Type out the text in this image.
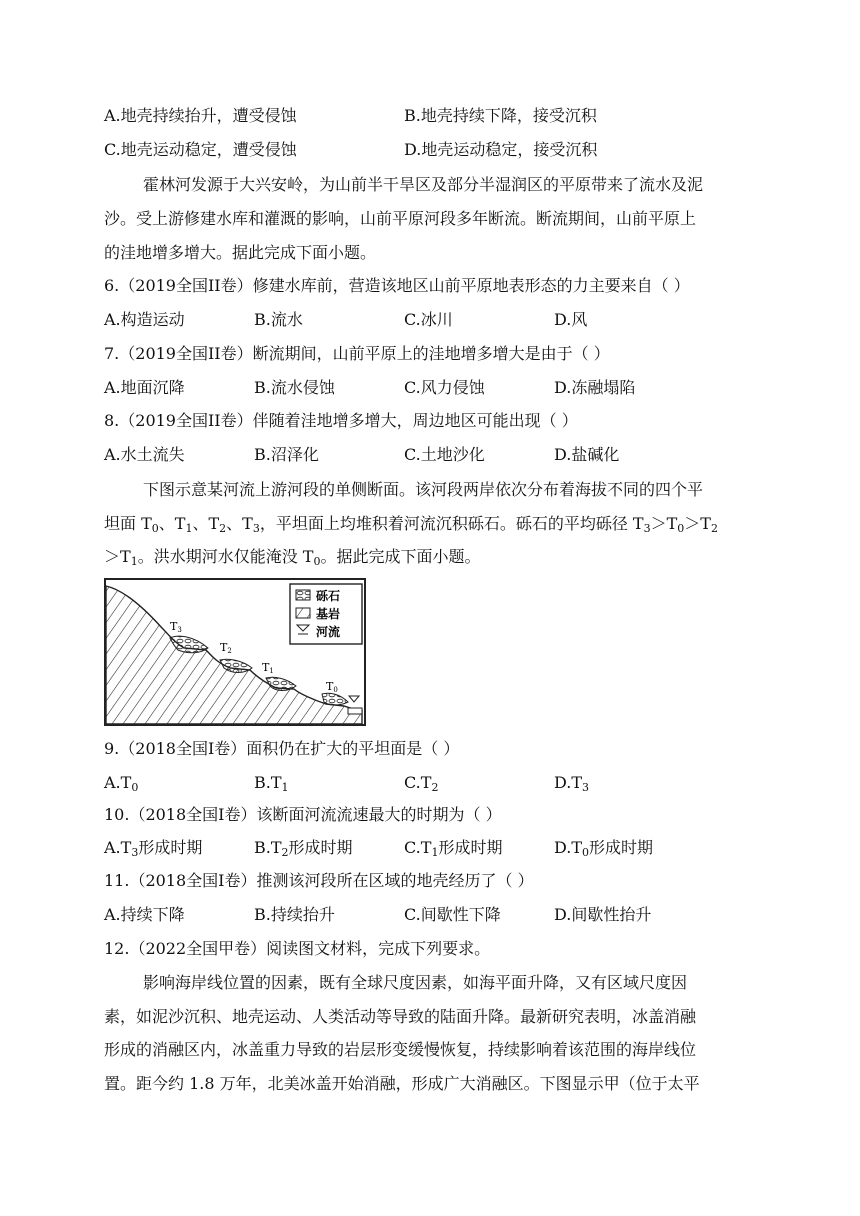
A.地壳持续抬升，遭受侵蚀	B.地壳持续下降，接受沉积
C.地壳运动稳定，遭受侵蚀	D.地壳运动稳定，接受沉积
霍林河发源于大兴安岭，为山前半干旱区及部分半湿润区的平原带来了流水及泥
沙。受上游修建水库和灌溉的影响，山前平原河段多年断流。断流期间，山前平原上
的洼地增多增大。据此完成下面小题。
6.（2019全国II卷）修建水库前，营造该地区山前平原地表形态的力主要来自（ ）
A.构造运动	B.流水	C.冰川	D.风
7.（2019全国II卷）断流期间，山前平原上的洼地增多增大是由于（ ）
A.地面沉降	B.流水侵蚀	C.风力侵蚀	D.冻融塌陷
8.（2019全国II卷）伴随着洼地增多增大，周边地区可能出现（ ）
A.水土流失	B.沼泽化	C.土地沙化	D.盐碱化
下图示意某河流上游河段的单侧断面。该河段两岸依次分布着海拔不同的四个平
坦面 $T_0$、$T_1$、$T_2$、$T_3$，平坦面上均堆积着河流沉积砾石。砾石的平均砾径 $T_3>T_0>T_2$
$>T_1$。洪水期河水仅能淹没 $T_0$。据此完成下面小题。
T3
T2
T1
T0
砾石
基岩
河流
9.（2018全国I卷）面积仍在扩大的平坦面是（ ）
$A.T_0$	$B.T_1$	$C.T_2$	$D.T_3$
10.（2018全国I卷）该断面河流流速最大的时期为（ ）
$A.T_3$形成时期	$B.T_2$形成时期	$C.T_1$形成时期	$D.T_0$形成时期
11.（2018全国I卷）推测该河段所在区域的地壳经历了（ ）
A.持续下降	B.持续抬升	C.间歇性下降	D.间歇性抬升
12.（2022全国甲卷）阅读图文材料，完成下列要求。
影响海岸线位置的因素，既有全球尺度因素，如海平面升降，又有区域尺度因
素，如泥沙沉积、地壳运动、人类活动等导致的陆面升降。最新研究表明，冰盖消融
形成的消融区内，冰盖重力导致的岩层形变缓慢恢复，持续影响着该范围的海岸线位
置。距今约 1.8 万年，北美冰盖开始消融，形成广大消融区。下图显示甲（位于太平
